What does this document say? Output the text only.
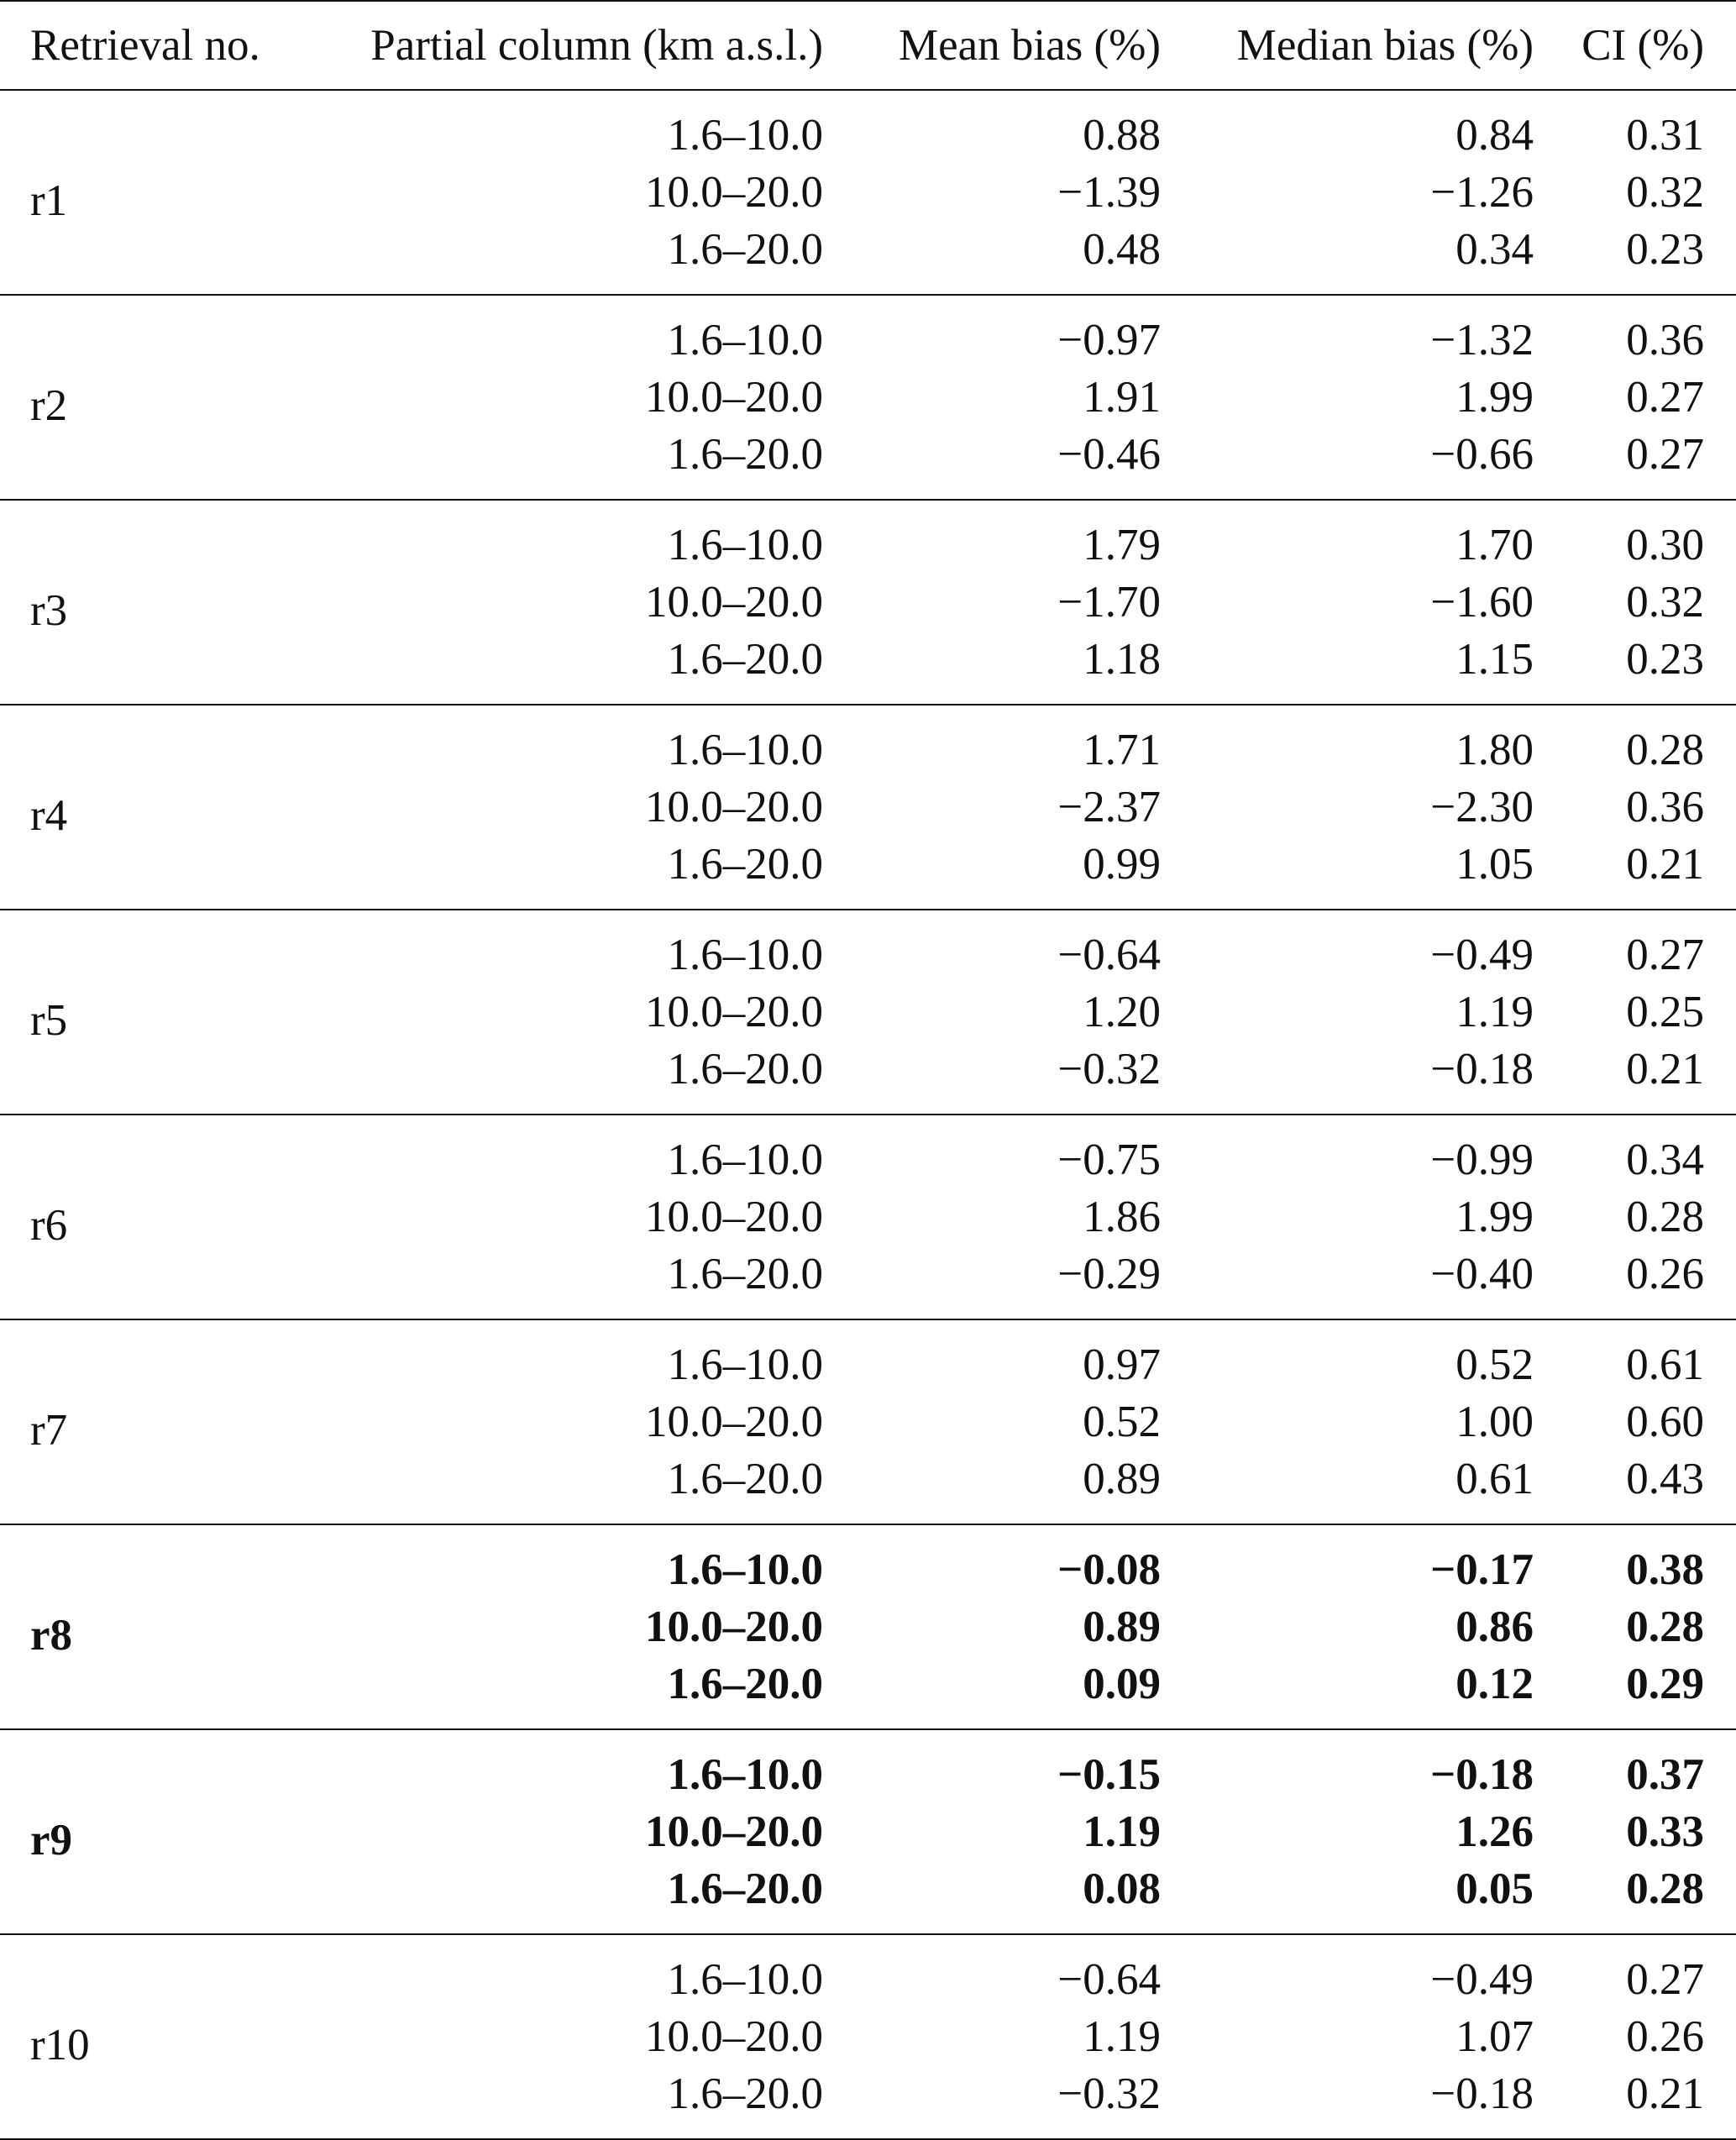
Retrieval no.	Partial column (km a.s.l.)	Mean bias (%)	Median bias (%)	CI (%)
r1	1.6–10.0	0.88	0.84	0.31
	10.0–20.0	−1.39	−1.26	0.32
	1.6–20.0	0.48	0.34	0.23
r2	1.6–10.0	−0.97	−1.32	0.36
	10.0–20.0	1.91	1.99	0.27
	1.6–20.0	−0.46	−0.66	0.27
r3	1.6–10.0	1.79	1.70	0.30
	10.0–20.0	−1.70	−1.60	0.32
	1.6–20.0	1.18	1.15	0.23
r4	1.6–10.0	1.71	1.80	0.28
	10.0–20.0	−2.37	−2.30	0.36
	1.6–20.0	0.99	1.05	0.21
r5	1.6–10.0	−0.64	−0.49	0.27
	10.0–20.0	1.20	1.19	0.25
	1.6–20.0	−0.32	−0.18	0.21
r6	1.6–10.0	−0.75	−0.99	0.34
	10.0–20.0	1.86	1.99	0.28
	1.6–20.0	−0.29	−0.40	0.26
r7	1.6–10.0	0.97	0.52	0.61
	10.0–20.0	0.52	1.00	0.60
	1.6–20.0	0.89	0.61	0.43
r8	1.6–10.0	−0.08	−0.17	0.38
	10.0–20.0	0.89	0.86	0.28
	1.6–20.0	0.09	0.12	0.29
r9	1.6–10.0	−0.15	−0.18	0.37
	10.0–20.0	1.19	1.26	0.33
	1.6–20.0	0.08	0.05	0.28
r10	1.6–10.0	−0.64	−0.49	0.27
	10.0–20.0	1.19	1.07	0.26
	1.6–20.0	−0.32	−0.18	0.21
